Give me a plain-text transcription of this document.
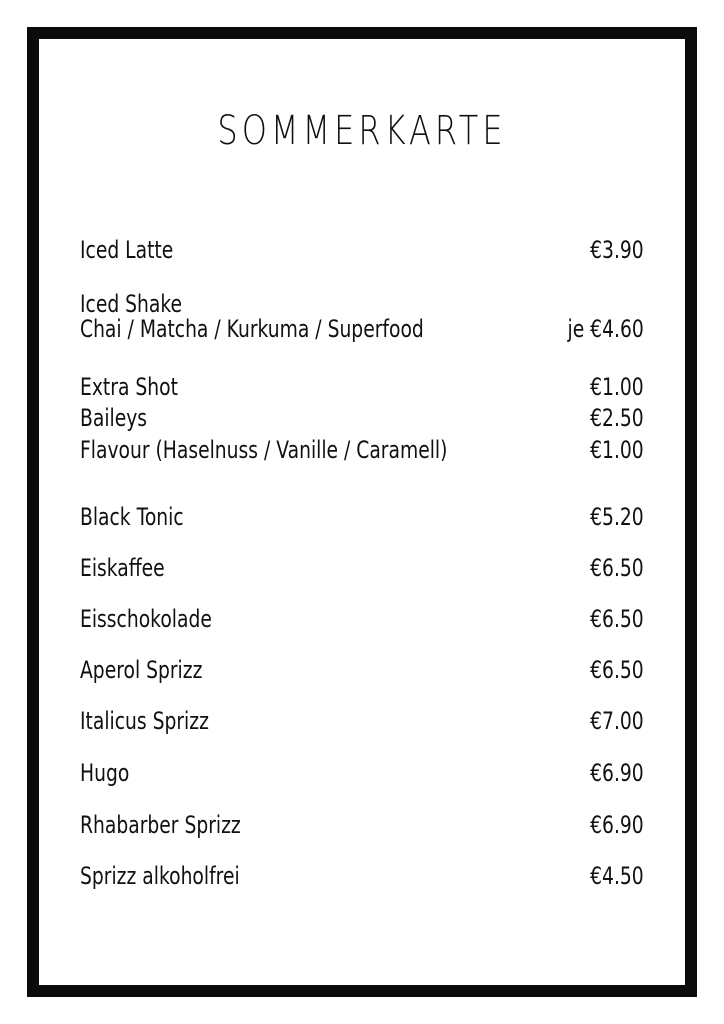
SOMMERKARTE
Iced Latte	€3.90
Iced Shake
Chai / Matcha / Kurkuma / Superfood	je €4.60
Extra Shot	€1.00
Baileys	€2.50
Flavour (Haselnuss / Vanille / Caramell)	€1.00
Black Tonic	€5.20
Eiskaffee	€6.50
Eisschokolade	€6.50
Aperol Sprizz	€6.50
Italicus Sprizz	€7.00
Hugo	€6.90
Rhabarber Sprizz	€6.90
Sprizz alkoholfrei	€4.50
